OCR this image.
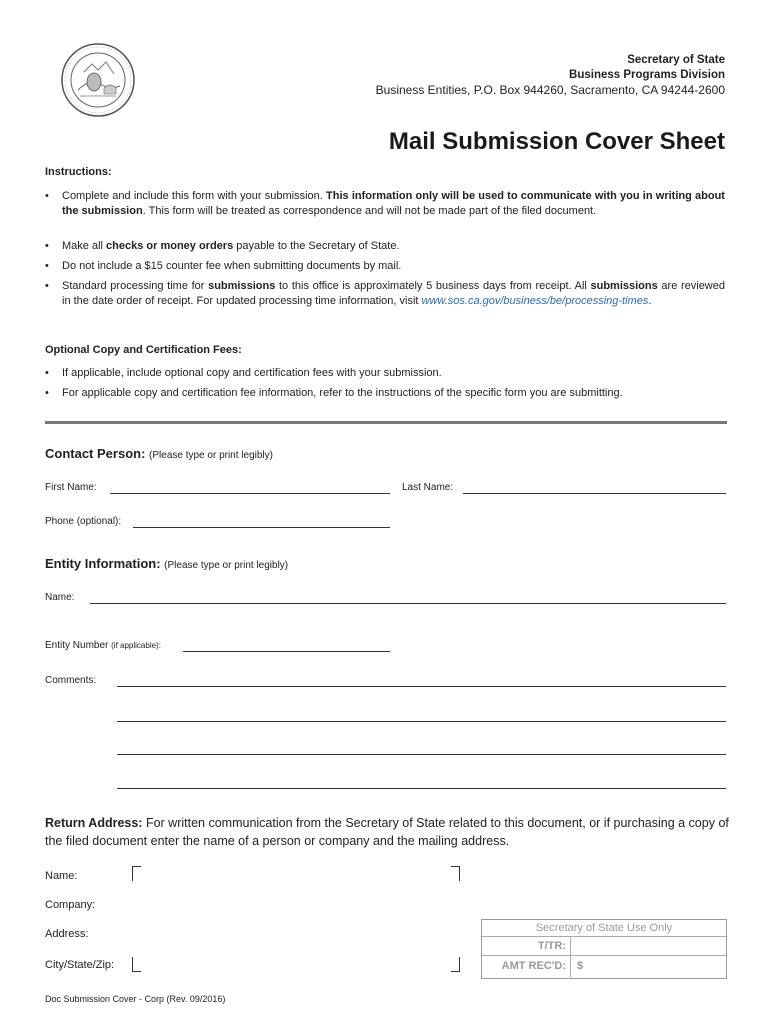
Secretary of State
Business Programs Division
Business Entities, P.O. Box 944260, Sacramento, CA 94244-2600
Mail Submission Cover Sheet
Instructions:
• Complete and include this form with your submission. This information only will be used to communicate with you in writing about the submission. This form will be treated as correspondence and will not be made part of the filed document.
• Make all checks or money orders payable to the Secretary of State.
• Do not include a $15 counter fee when submitting documents by mail.
• Standard processing time for submissions to this office is approximately 5 business days from receipt. All submissions are reviewed in the date order of receipt. For updated processing time information, visit www.sos.ca.gov/business/be/processing-times.
Optional Copy and Certification Fees:
• If applicable, include optional copy and certification fees with your submission.
• For applicable copy and certification fee information, refer to the instructions of the specific form you are submitting.
Contact Person: (Please type or print legibly)
First Name:	Last Name:
Phone (optional):
Entity Information: (Please type or print legibly)
Name:
Entity Number (if applicable):
Comments:
Return Address: For written communication from the Secretary of State related to this document, or if purchasing a copy of the filed document enter the name of a person or company and the mailing address.
Name:
Company:
Address:
City/State/Zip:
Secretary of State Use Only
T/TR:
AMT REC'D:	$
Doc Submission Cover - Corp (Rev. 09/2016)
